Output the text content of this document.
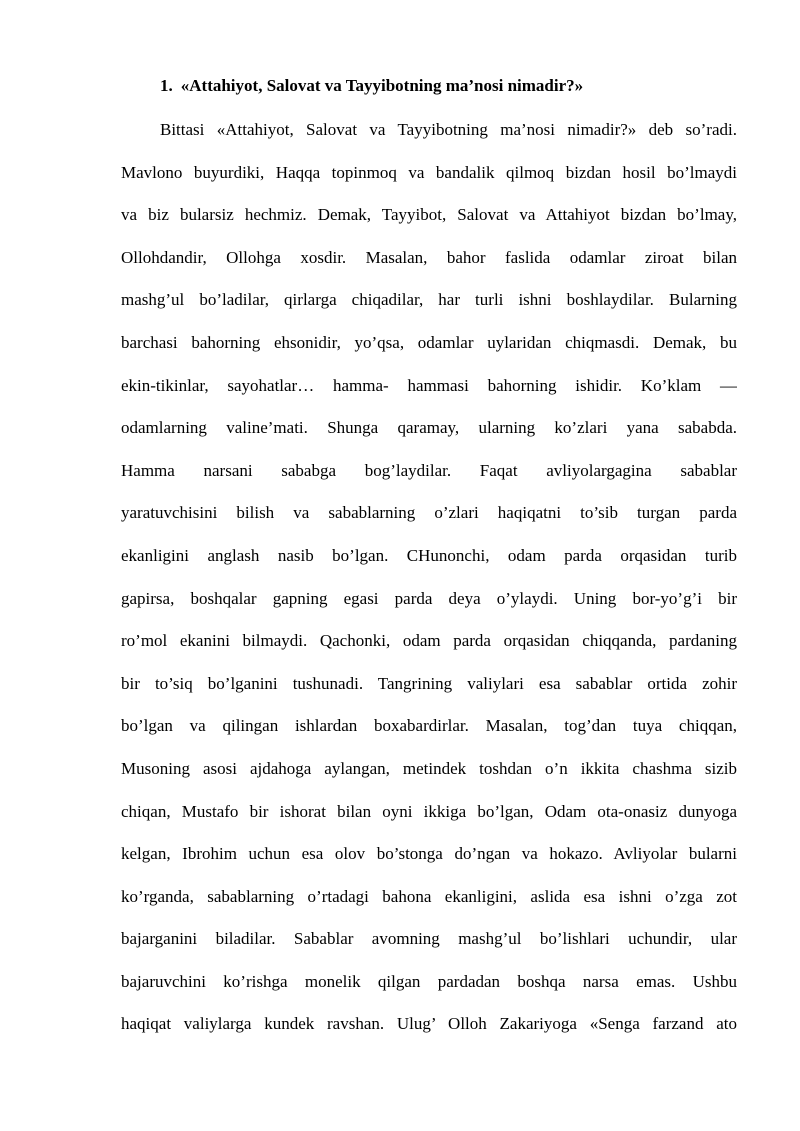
1. «Attahiyot, Salovat va Tayyibotning ma’nosi nimadir?»
Bittasi «Attahiyot, Salovat va Tayyibotning ma’nosi nimadir?» deb so’radi.
Mavlono buyurdiki, Haqqa topinmoq va bandalik qilmoq bizdan hosil bo’lmaydi
va biz bularsiz hechmiz. Demak, Tayyibot, Salovat va Attahiyot bizdan bo’lmay,
Ollohdandir, Ollohga xosdir. Masalan, bahor faslida odamlar ziroat bilan
mashg’ul bo’ladilar, qirlarga chiqadilar, har turli ishni boshlaydilar. Bularning
barchasi bahorning ehsonidir, yo’qsa, odamlar uylaridan chiqmasdi. Demak, bu
ekin-tikinlar, sayohatlar… hamma- hammasi bahorning ishidir. Ko’klam —
odamlarning valine’mati. Shunga qaramay, ularning ko’zlari yana sababda.
Hamma narsani sababga bog’laydilar. Faqat avliyolargagina sabablar
yaratuvchisini bilish va sabablarning o’zlari haqiqatni to’sib turgan parda
ekanligini anglash nasib bo’lgan. CHunonchi, odam parda orqasidan turib
gapirsa, boshqalar gapning egasi parda deya o’ylaydi. Uning bor-yo’g’i bir
ro’mol ekanini bilmaydi. Qachonki, odam parda orqasidan chiqqanda, pardaning
bir to’siq bo’lganini tushunadi. Tangrining valiylari esa sabablar ortida zohir
bo’lgan va qilingan ishlardan boxabardirlar. Masalan, tog’dan tuya chiqqan,
Musoning asosi ajdahoga aylangan, metindek toshdan o’n ikkita chashma sizib
chiqan, Mustafo bir ishorat bilan oyni ikkiga bo’lgan, Odam ota-onasiz dunyoga
kelgan, Ibrohim uchun esa olov bo’stonga do’ngan va hokazo. Avliyolar bularni
ko’rganda, sabablarning o’rtadagi bahona ekanligini, aslida esa ishni o’zga zot
bajarganini biladilar. Sabablar avomning mashg’ul bo’lishlari uchundir, ular
bajaruvchini ko’rishga monelik qilgan pardadan boshqa narsa emas. Ushbu
haqiqat valiylarga kundek ravshan. Ulug’ Olloh Zakariyoga «Senga farzand ato
